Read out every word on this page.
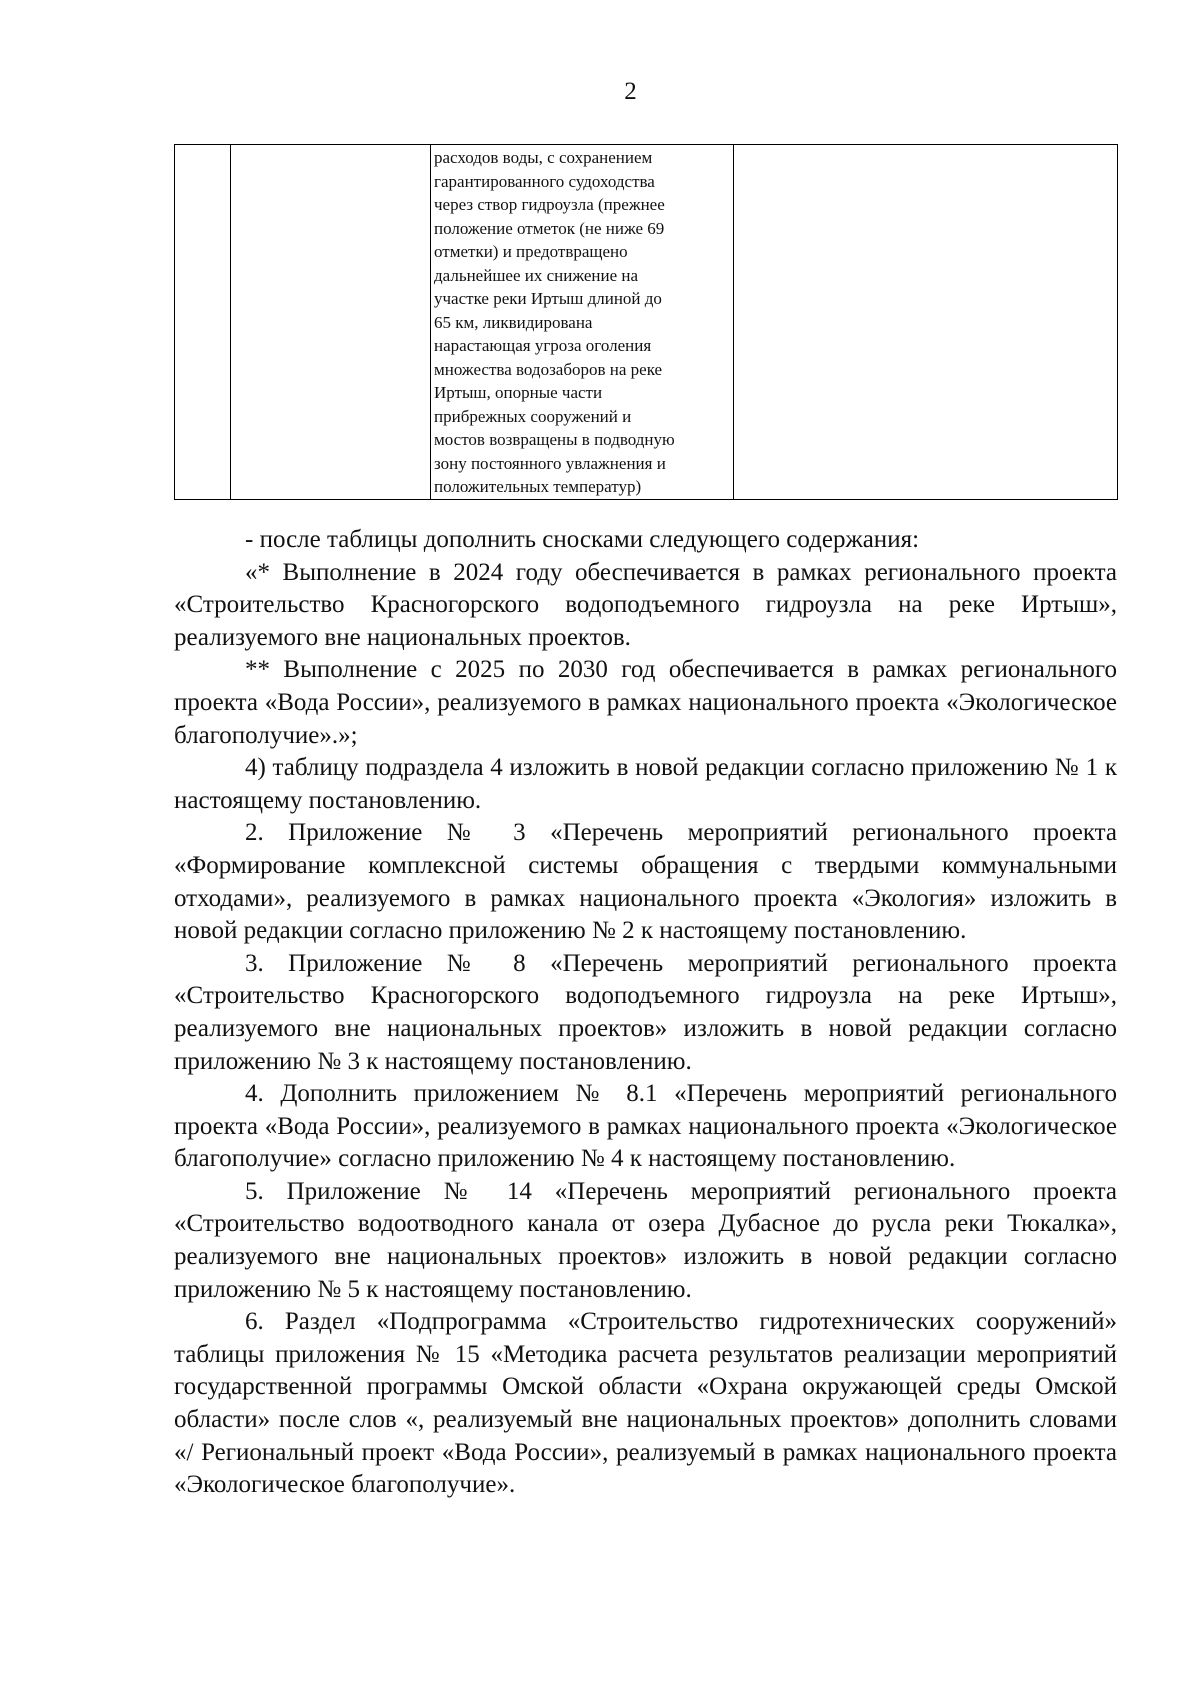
2

расходов воды, с сохранением
гарантированного судоходства
через створ гидроузла (прежнее
положение отметок (не ниже 69
отметки) и предотвращено
дальнейшее их снижение на
участке реки Иртыш длиной до
65 км, ликвидирована
нарастающая угроза оголения
множества водозаборов на реке
Иртыш, опорные части
прибрежных сооружений и
мостов возвращены в подводную
зону постоянного увлажнения и
положительных температур)

- после таблицы дополнить сносками следующего содержания:

«* Выполнение в 2024 году обеспечивается в рамках регионального проекта «Строительство Красногорского водоподъемного гидроузла на реке Иртыш», реализуемого вне национальных проектов.

** Выполнение с 2025 по 2030 год обеспечивается в рамках регионального проекта «Вода России», реализуемого в рамках национального проекта «Экологическое благополучие».»;

4) таблицу подраздела 4 изложить в новой редакции согласно приложению № 1 к настоящему постановлению.

2. Приложение № 3 «Перечень мероприятий регионального проекта «Формирование комплексной системы обращения с твердыми коммунальными отходами», реализуемого в рамках национального проекта «Экология» изложить в новой редакции согласно приложению № 2 к настоящему постановлению.

3. Приложение № 8 «Перечень мероприятий регионального проекта «Строительство Красногорского водоподъемного гидроузла на реке Иртыш», реализуемого вне национальных проектов» изложить в новой редакции согласно приложению № 3 к настоящему постановлению.

4. Дополнить приложением № 8.1 «Перечень мероприятий регионального проекта «Вода России», реализуемого в рамках национального проекта «Экологическое благополучие» согласно приложению № 4 к настоящему постановлению.

5. Приложение № 14 «Перечень мероприятий регионального проекта «Строительство водоотводного канала от озера Дубасное до русла реки Тюкалка», реализуемого вне национальных проектов» изложить в новой редакции согласно приложению № 5 к настоящему постановлению.

6. Раздел «Подпрограмма «Строительство гидротехнических сооружений» таблицы приложения № 15 «Методика расчета результатов реализации мероприятий государственной программы Омской области «Охрана окружающей среды Омской области» после слов «, реализуемый вне национальных проектов» дополнить словами «/ Региональный проект «Вода России», реализуемый в рамках национального проекта «Экологическое благополучие».
